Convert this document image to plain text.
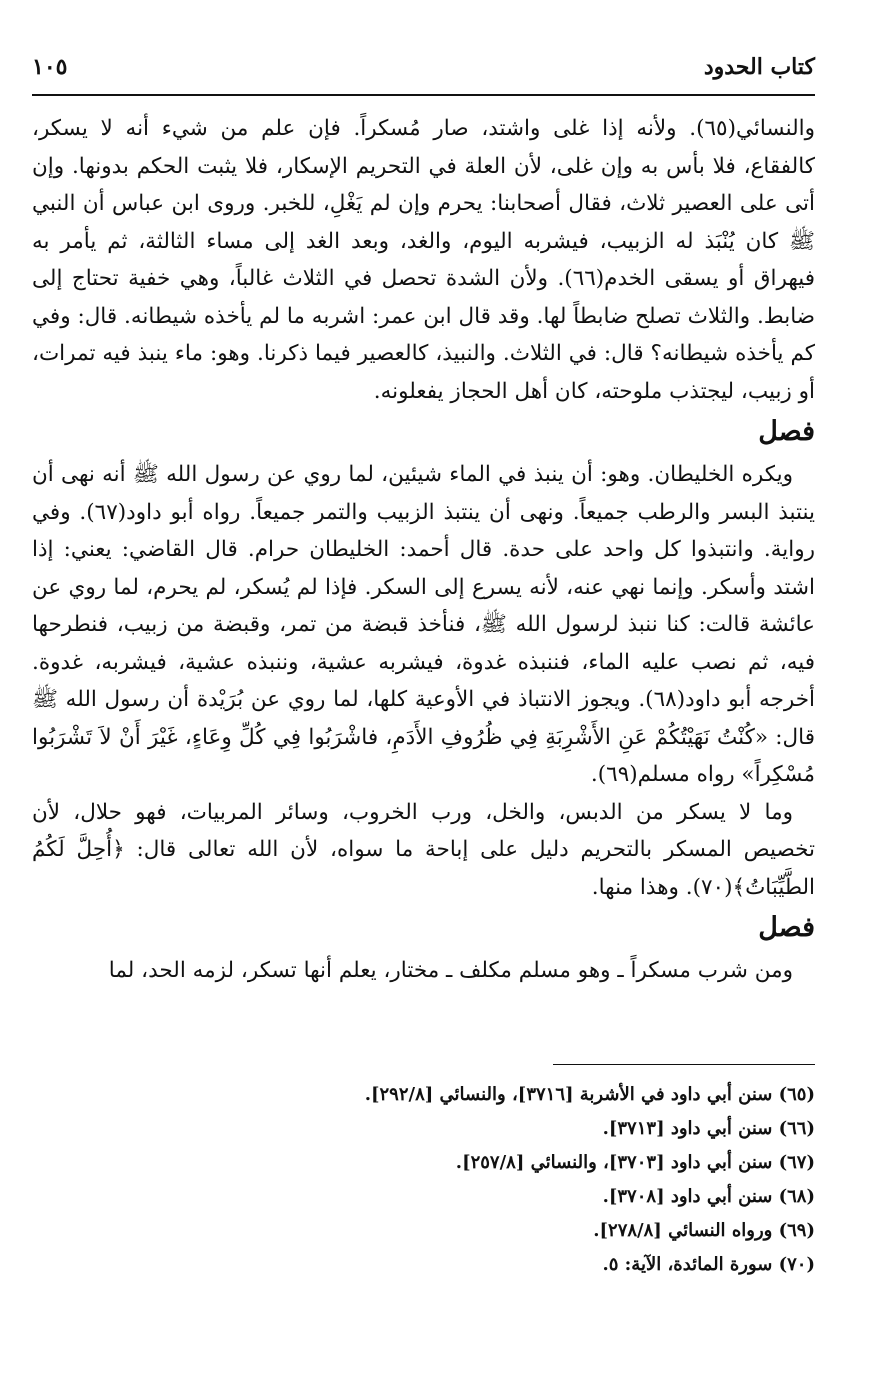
كتاب الحدود
١٠٥

والنسائي(٦٥). ولأنه إذا غلى واشتد، صار مُسكراً. فإن علم من شيء أنه لا يسكر، كالفقاع، فلا بأس به وإن غلى، لأن العلة في التحريم الإسكار، فلا يثبت الحكم بدونها. وإن أتى على العصير ثلاث، فقال أصحابنا: يحرم وإن لم يَغْلِ، للخبر. وروى ابن عباس أن النبي ﷺ كان يُنْبَذ له الزبيب، فيشربه اليوم، والغد، وبعد الغد إلى مساء الثالثة، ثم يأمر به فيهراق أو يسقى الخدم(٦٦). ولأن الشدة تحصل في الثلاث غالباً، وهي خفية تحتاج إلى ضابط. والثلاث تصلح ضابطاً لها. وقد قال ابن عمر: اشربه ما لم يأخذه شيطانه. قال: وفي كم يأخذه شيطانه؟ قال: في الثلاث. والنبيذ، كالعصير فيما ذكرنا. وهو: ماء ينبذ فيه تمرات، أو زبيب، ليجتذب ملوحته، كان أهل الحجاز يفعلونه.

فصل

ويكره الخليطان. وهو: أن ينبذ في الماء شيئين، لما روي عن رسول الله ﷺ أنه نهى أن ينتبذ البسر والرطب جميعاً. ونهى أن ينتبذ الزبيب والتمر جميعاً. رواه أبو داود(٦٧). وفي رواية. وانتبذوا كل واحد على حدة. قال أحمد: الخليطان حرام. قال القاضي: يعني: إذا اشتد وأسكر. وإنما نهي عنه، لأنه يسرع إلى السكر. فإذا لم يُسكر، لم يحرم، لما روي عن عائشة قالت: كنا ننبذ لرسول الله ﷺ، فنأخذ قبضة من تمر، وقبضة من زبيب، فنطرحها فيه، ثم نصب عليه الماء، فننبذه غدوة، فيشربه عشية، وننبذه عشية، فيشربه، غدوة. أخرجه أبو داود(٦٨). ويجوز الانتباذ في الأوعية كلها، لما روي عن بُرَيْدة أن رسول الله ﷺ قال: «كُنْتُ نَهَيْتُكُمْ عَنِ الأَشْرِبَةِ فِي ظُرُوفِ الأَدَمِ، فاشْرَبُوا فِي كُلِّ وِعَاءٍ، غَيْرَ أَنْ لاَ تَشْرَبُوا مُسْكِراً» رواه مسلم(٦٩).

وما لا يسكر من الدبس، والخل، ورب الخروب، وسائر المربيات، فهو حلال، لأن تخصيص المسكر بالتحريم دليل على إباحة ما سواه، لأن الله تعالى قال: ﴿أُحِلَّ لَكُمُ الطَّيِّبَاتُ﴾(٧٠). وهذا منها.

فصل

ومن شرب مسكراً ـ وهو مسلم مكلف ـ مختار، يعلم أنها تسكر، لزمه الحد، لما

(٦٥) سنن أبي داود في الأشربة [٣٧١٦]، والنسائي [٢٩٢/٨].
(٦٦) سنن أبي داود [٣٧١٣].
(٦٧) سنن أبي داود [٣٧٠٣]، والنسائي [٢٥٧/٨].
(٦٨) سنن أبي داود [٣٧٠٨].
(٦٩) ورواه النسائي [٢٧٨/٨].
(٧٠) سورة المائدة، الآية: ٥.
